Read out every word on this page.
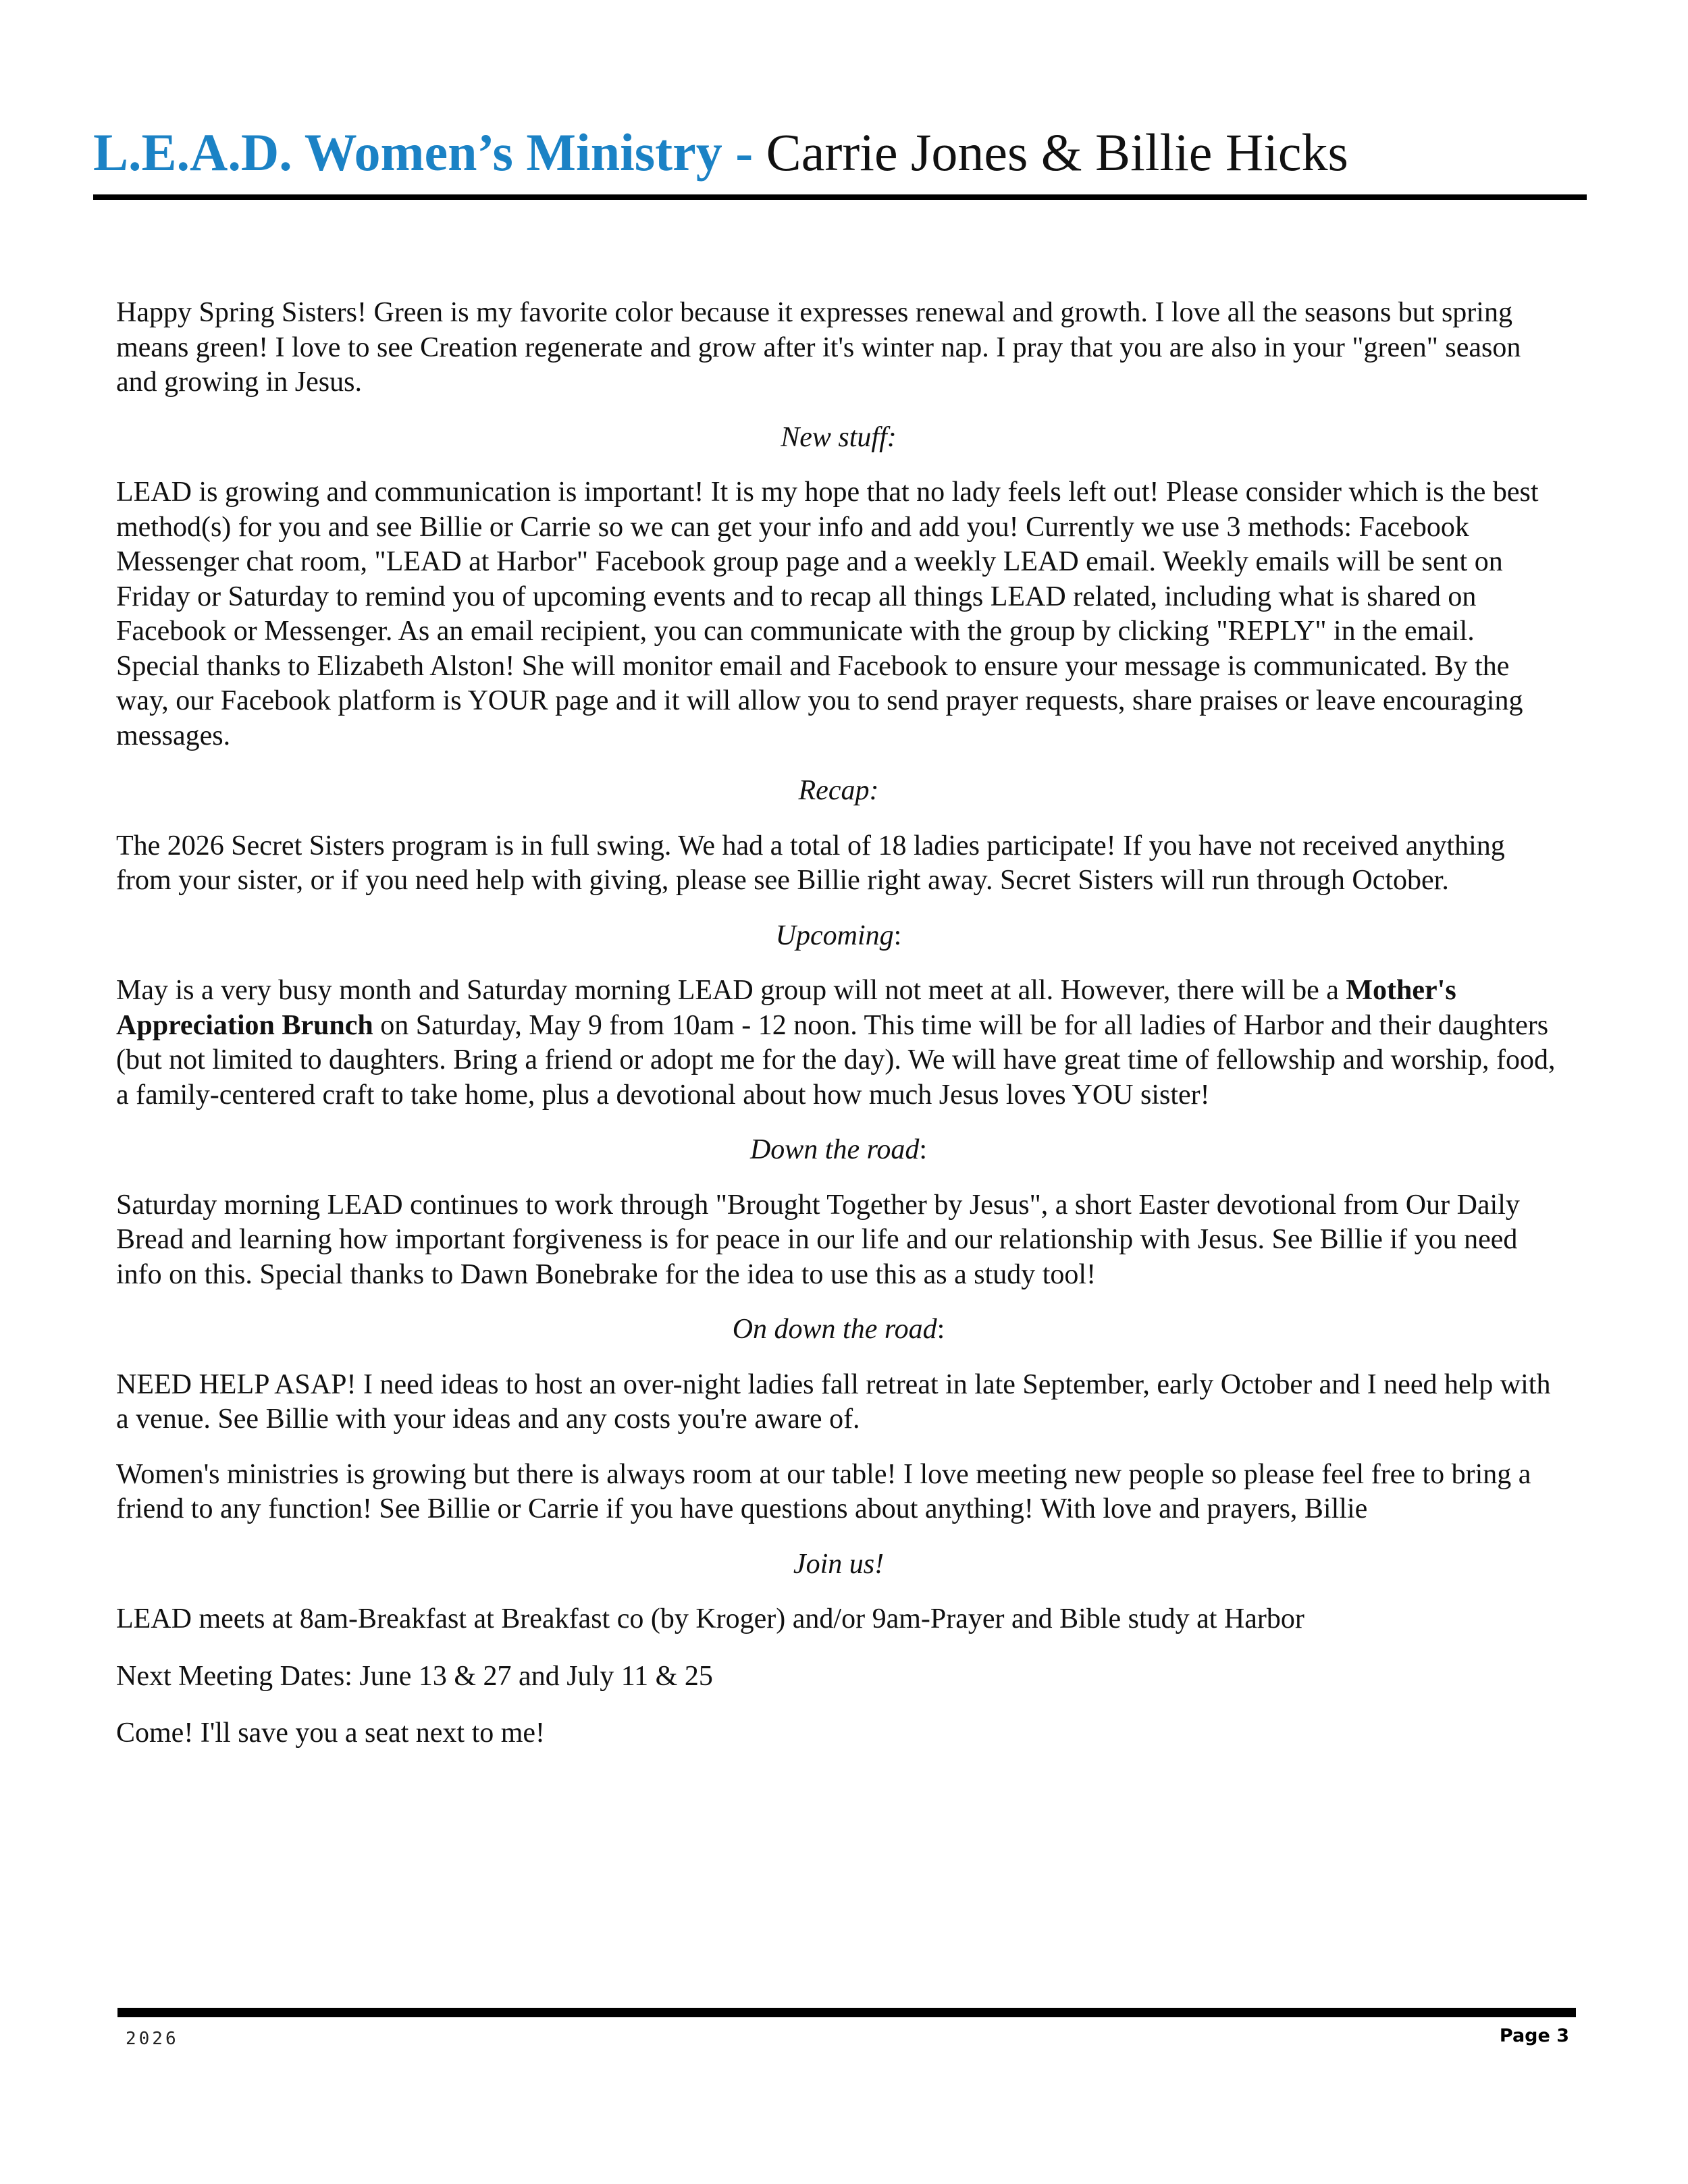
L.E.A.D. Women’s Ministry - Carrie Jones & Billie Hicks

Happy Spring Sisters! Green is my favorite color because it expresses renewal and growth. I love all the seasons but spring means green! I love to see Creation regenerate and grow after it's winter nap. I pray that you are also in your "green" season and growing in Jesus.

New stuff:

LEAD is growing and communication is important! It is my hope that no lady feels left out! Please consider which is the best method(s) for you and see Billie or Carrie so we can get your info and add you! Currently we use 3 methods: Facebook Messenger chat room, "LEAD at Harbor" Facebook group page and a weekly LEAD email. Weekly emails will be sent on Friday or Saturday to remind you of upcoming events and to recap all things LEAD related, including what is shared on Facebook or Messenger. As an email recipient, you can communicate with the group by clicking "REPLY" in the email. Special thanks to Elizabeth Alston! She will monitor email and Facebook to ensure your message is communicated. By the way, our Facebook platform is YOUR page and it will allow you to send prayer requests, share praises or leave encouraging messages.

Recap:

The 2026 Secret Sisters program is in full swing. We had a total of 18 ladies participate! If you have not received anything from your sister, or if you need help with giving, please see Billie right away. Secret Sisters will run through October.

Upcoming:

May is a very busy month and Saturday morning LEAD group will not meet at all. However, there will be a Mother's Appreciation Brunch on Saturday, May 9 from 10am - 12 noon. This time will be for all ladies of Harbor and their daughters (but not limited to daughters. Bring a friend or adopt me for the day). We will have great time of fellowship and worship, food, a family-centered craft to take home, plus a devotional about how much Jesus loves YOU sister!

Down the road:

Saturday morning LEAD continues to work through "Brought Together by Jesus", a short Easter devotional from Our Daily Bread and learning how important forgiveness is for peace in our life and our relationship with Jesus. See Billie if you need info on this. Special thanks to Dawn Bonebrake for the idea to use this as a study tool!

On down the road:

NEED HELP ASAP! I need ideas to host an over-night ladies fall retreat in late September, early October and I need help with a venue. See Billie with your ideas and any costs you're aware of.

Women's ministries is growing but there is always room at our table! I love meeting new people so please feel free to bring a friend to any function! See Billie or Carrie if you have questions about anything! With love and prayers, Billie

Join us!

LEAD meets at 8am-Breakfast at Breakfast co (by Kroger) and/or 9am-Prayer and Bible study at Harbor

Next Meeting Dates: June 13 & 27 and July 11 & 25

Come! I'll save you a seat next to me!

2026	Page 3
